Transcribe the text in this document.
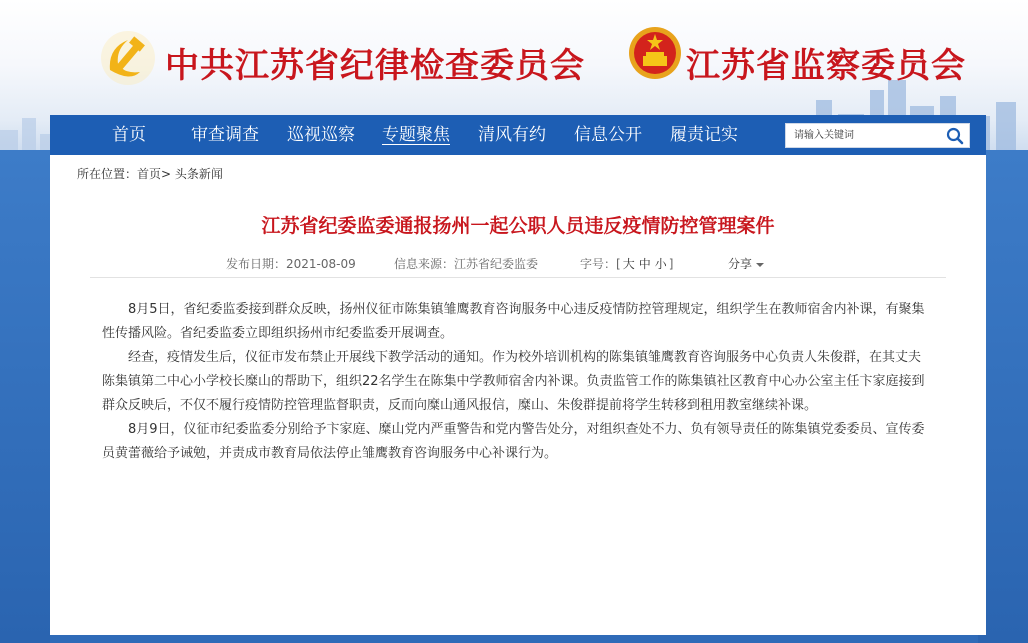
中共江苏省纪律检查委员会	江苏省监察委员会
首页	审查调查 巡视巡察 专题聚焦 清风有约 信息公开 履责记实
请输入关键词
所在位置：首页> 头条新闻
江苏省纪委监委通报扬州一起公职人员违反疫情防控管理案件
发布日期：2021-08-09	信息来源：江苏省纪委监委	字号：[ 大 中 小 ]	分享

8月5日，省纪委监委接到群众反映，扬州仪征市陈集镇雏鹰教育咨询服务中心违反疫情防控管理规定，组织学生在教师宿舍内补课，有聚集性传播风险。省纪委监委立即组织扬州市纪委监委开展调查。

经查，疫情发生后，仪征市发布禁止开展线下教学活动的通知。作为校外培训机构的陈集镇雏鹰教育咨询服务中心负责人朱俊群，在其丈夫陈集镇第二中心小学校长糜山的帮助下，组织22名学生在陈集中学教师宿舍内补课。负责监管工作的陈集镇社区教育中心办公室主任卞家庭接到群众反映后，不仅不履行疫情防控管理监督职责，反而向糜山通风报信，糜山、朱俊群提前将学生转移到租用教室继续补课。

8月9日，仪征市纪委监委分别给予卞家庭、糜山党内严重警告和党内警告处分，对组织查处不力、负有领导责任的陈集镇党委委员、宣传委员黄蕾薇给予诫勉，并责成市教育局依法停止雏鹰教育咨询服务中心补课行为。
